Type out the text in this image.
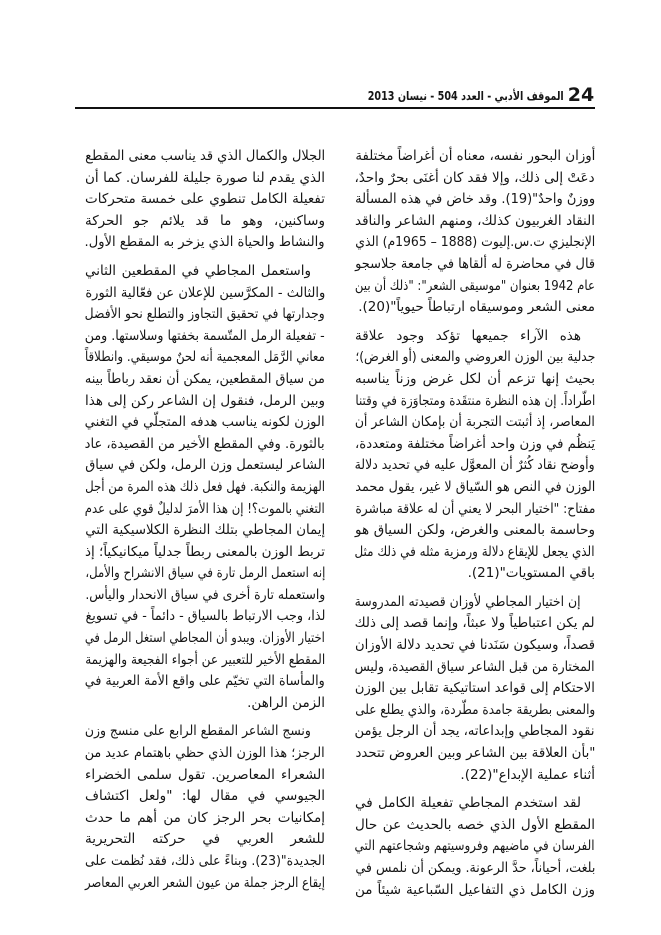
24
الموقف الأدبي - العدد 504 - نيسان 2013
أوزان البحور نفسه، معناه أن أغراضاً مختلفة
دعَتْ إلى ذلك، وإلا فقد كان أغنَى بحرٌ واحدٌ،
ووزنٌ واحدٌ"(19). وقد خاض في هذه المسألة
النقاد الغربيون كذلك، ومنهم الشاعر والناقد
الإنجليزي ت.س.إليوت (1888 – 1965م) الذي
قال في محاضرة له ألقاها في جامعة جلاسجو
عام 1942 بعنوان "موسيقى الشعر": "ذلك أن بين
معنى الشعر وموسيقاه ارتباطاً حيوياً"(20).
هذه الآراء جميعها تؤكد وجود علاقة
جدلية بين الوزن العروضي والمعنى (أو الغرض)؛
بحيث إنها تزعم أن لكل غرض وزناً يناسبه
اطّراداً. إن هذه النظرة منتقَدة ومتجاوَزة في وقتنا
المعاصر، إذ أثبتت التجربة أن بإمكان الشاعر أن
يَنظُم في وزن واحد أغراضاً مختلفة ومتعددة،
وأوضح نقاد كُثرٌ أن المعوَّل عليه في تحديد دلالة
الوزن في النص هو السّياق لا غير، يقول محمد
مفتاح: "اختيار البحر لا يعني أن له علاقة مباشرة
وحاسمة بالمعنى والغرض، ولكن السياق هو
الذي يجعل للإيقاع دلالة ورمزية مثله في ذلك مثل
باقي المستويات"(21).
إن اختيار المجاطي لأوزان قصيدته المدروسة
لم يكن اعتباطياً ولا عبثاً، وإنما قصد إلى ذلك
قصداً، وسيكون سَنَدنا في تحديد دلالة الأوزان
المختارة من قبل الشاعر سياق القصيدة، وليس
الاحتكام إلى قواعد استاتيكية تقابل بين الوزن
والمعنى بطريقة جامدة مطّردة، والذي يطلع على
نقود المجاطي وإبداعاته، يجد أن الرجل يؤمن
"بأن العلاقة بين الشاعر وبين العروض تتحدد
أثناء عملية الإبداع"(22).
لقد استخدم المجاطي تفعيلة الكامل في
المقطع الأول الذي خصه بالحديث عن حال
الفرسان في ماضيهم وفروسيتهم وشجاعتهم التي
بلغت، أحياناً، حدَّ الرعونة. ويمكن أن نلمس في
وزن الكامل ذي التفاعيل السّباعية شيئاً من
الجلال والكمال الذي قد يناسب معنى المقطع
الذي يقدم لنا صورة جليلة للفرسان. كما أن
تفعيلة الكامل تنطوي على خمسة متحركات
وساكنين، وهو ما قد يلائم جو الحركة
والنشاط والحياة الذي يزخر به المقطع الأول.
واستعمل المجاطي في المقطعين الثاني
والثالث - المكرَّسين للإعلان عن فعّالية الثورة
وجدارتها في تحقيق التجاوز والتطلع نحو الأفضل
- تفعيلة الرمل المتّسمة بخفتها وسلاستها. ومن
معاني الرَّمَل المعجمية أنه لحنٌ موسيقي. وانطلاقاً
من سياق المقطعين، يمكن أن نعقد رباطاً بينه
وبين الرمل، فنقول إن الشاعر ركن إلى هذا
الوزن لكونه يناسب هدفه المتجلّي في التغني
بالثورة. وفي المقطع الأخير من القصيدة، عاد
الشاعر ليستعمل وزن الرمل، ولكن في سياق
الهزيمة والنكبة. فهل فعل ذلك هذه المرة من أجل
التغني بالموت؟! إن هذا الأمرَ لدليلٌ قوي على عدم
إيمان المجاطي بتلك النظرة الكلاسيكية التي
تربط الوزن بالمعنى ربطاً جدلياً ميكانيكياً؛ إذ
إنه استعمل الرمل تارة في سياق الانشراح والأمل،
واستعمله تارة أخرى في سياق الانحدار واليأس.
لذا، وجب الارتباط بالسياق - دائماً - في تسويغ
اختيار الأوزان. ويبدو أن المجاطي استغل الرمل في
المقطع الأخير للتعبير عن أجواء الفجيعة والهزيمة
والمأساة التي تخيّم على واقع الأمة العربية في
الزمن الراهن.
ونسج الشاعر المقطع الرابع على منسج وزن
الرجز؛ هذا الوزن الذي حظي باهتمام عديد من
الشعراء المعاصرين. تقول سلمى الخضراء
الجيوسي في مقال لها: "ولعل اكتشاف
إمكانيات بحر الرجز كان من أهم ما حدث
للشعر العربي في حركته التحريرية
الجديدة"(23). وبناءً على ذلك، فقد نُظمت على
إيقاع الرجز جملة من عيون الشعر العربي المعاصر
